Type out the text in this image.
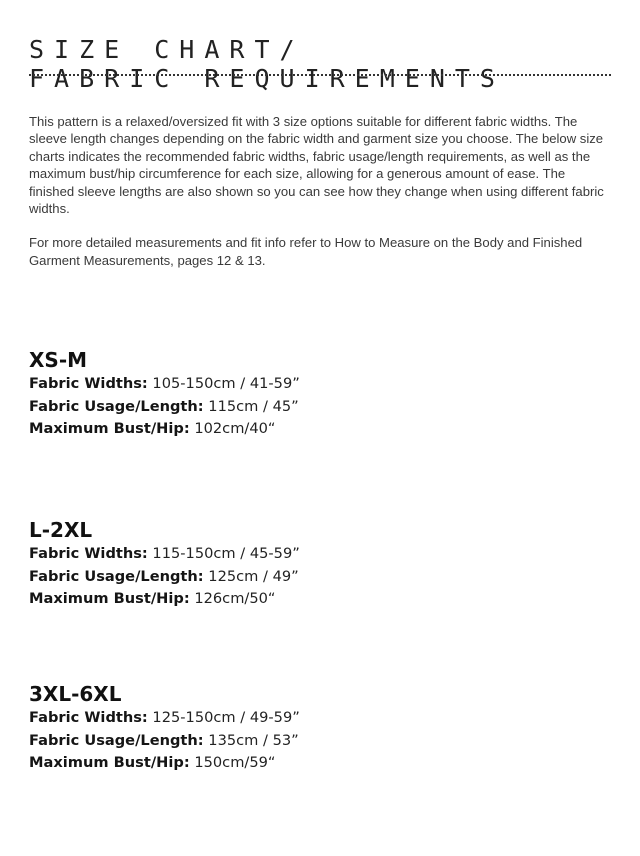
SIZE CHART/
FABRIC REQUIREMENTS

This pattern is a relaxed/oversized fit with 3 size options suitable for different fabric widths. The sleeve length changes depending on the fabric width and garment size you choose. The below size charts indicates the recommended fabric widths, fabric usage/length requirements, as well as the maximum bust/hip circumference for each size, allowing for a generous amount of ease. The finished sleeve lengths are also shown so you can see how they change when using different fabric widths.

For more detailed measurements and fit info refer to How to Measure on the Body and Finished Garment Measurements, pages 12 & 13.

XS-M
Fabric Widths: 105-150cm / 41-59”
Fabric Usage/Length: 115cm / 45”
Maximum Bust/Hip: 102cm/40“
L-2XL
Fabric Widths: 115-150cm / 45-59”
Fabric Usage/Length: 125cm / 49”
Maximum Bust/Hip: 126cm/50“
3XL-6XL
Fabric Widths: 125-150cm / 49-59”
Fabric Usage/Length: 135cm / 53”
Maximum Bust/Hip: 150cm/59“
